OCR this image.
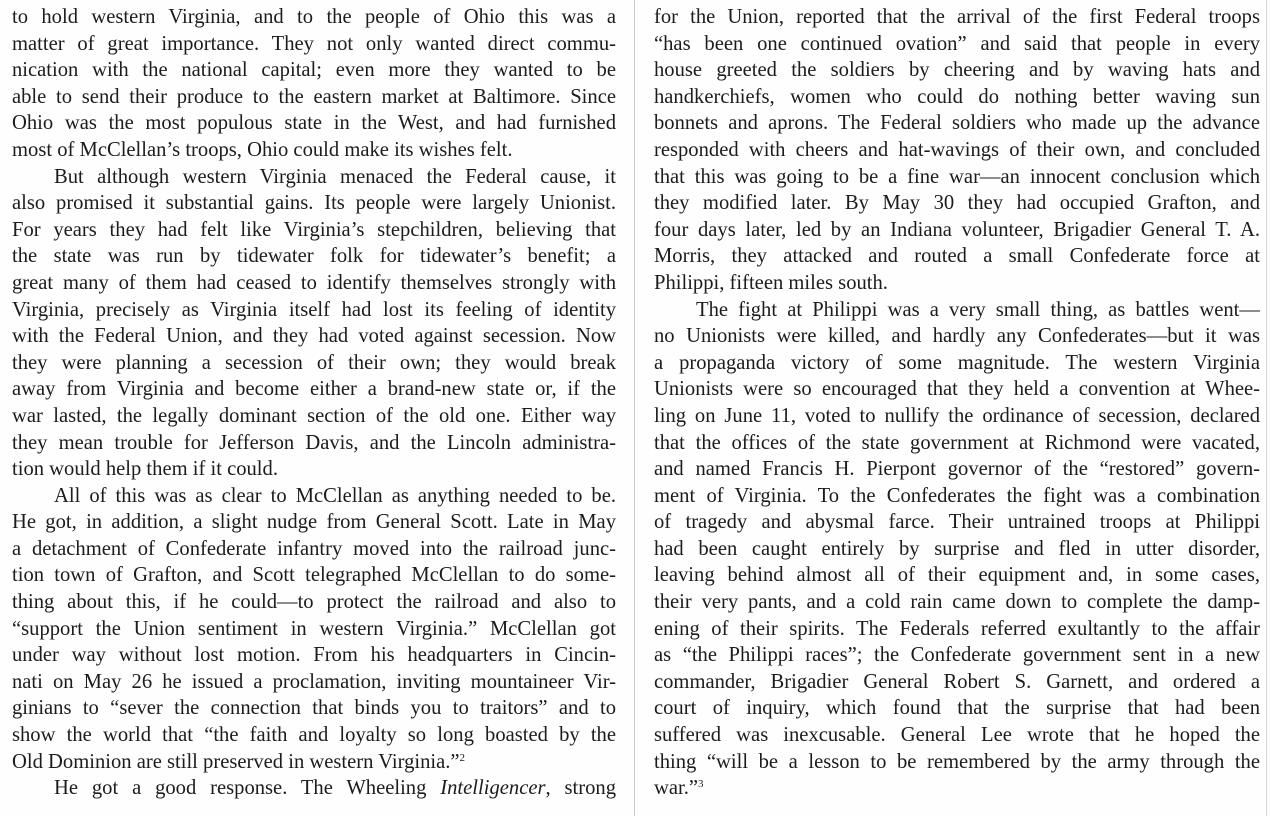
to hold western Virginia, and to the people of Ohio this was a
matter of great importance. They not only wanted direct commu-
nication with the national capital; even more they wanted to be
able to send their produce to the eastern market at Baltimore. Since
Ohio was the most populous state in the West, and had furnished
most of McClellan’s troops, Ohio could make its wishes felt.
But although western Virginia menaced the Federal cause, it
also promised it substantial gains. Its people were largely Unionist.
For years they had felt like Virginia’s stepchildren, believing that
the state was run by tidewater folk for tidewater’s benefit; a
great many of them had ceased to identify themselves strongly with
Virginia, precisely as Virginia itself had lost its feeling of identity
with the Federal Union, and they had voted against secession. Now
they were planning a secession of their own; they would break
away from Virginia and become either a brand-new state or, if the
war lasted, the legally dominant section of the old one. Either way
they mean trouble for Jefferson Davis, and the Lincoln administra-
tion would help them if it could.
All of this was as clear to McClellan as anything needed to be.
He got, in addition, a slight nudge from General Scott. Late in May
a detachment of Confederate infantry moved into the railroad junc-
tion town of Grafton, and Scott telegraphed McClellan to do some-
thing about this, if he could—to protect the railroad and also to
“support the Union sentiment in western Virginia.” McClellan got
under way without lost motion. From his headquarters in Cincin-
nati on May 26 he issued a proclamation, inviting mountaineer Vir-
ginians to “sever the connection that binds you to traitors” and to
show the world that “the faith and loyalty so long boasted by the
Old Dominion are still preserved in western Virginia.”$^2$
He got a good response. The Wheeling Intelligencer, strong
for the Union, reported that the arrival of the first Federal troops
“has been one continued ovation” and said that people in every
house greeted the soldiers by cheering and by waving hats and
handkerchiefs, women who could do nothing better waving sun
bonnets and aprons. The Federal soldiers who made up the advance
responded with cheers and hat-wavings of their own, and concluded
that this was going to be a fine war—an innocent conclusion which
they modified later. By May 30 they had occupied Grafton, and
four days later, led by an Indiana volunteer, Brigadier General T. A.
Morris, they attacked and routed a small Confederate force at
Philippi, fifteen miles south.
The fight at Philippi was a very small thing, as battles went—
no Unionists were killed, and hardly any Confederates—but it was
a propaganda victory of some magnitude. The western Virginia
Unionists were so encouraged that they held a convention at Whee-
ling on June 11, voted to nullify the ordinance of secession, declared
that the offices of the state government at Richmond were vacated,
and named Francis H. Pierpont governor of the “restored” govern-
ment of Virginia. To the Confederates the fight was a combination
of tragedy and abysmal farce. Their untrained troops at Philippi
had been caught entirely by surprise and fled in utter disorder,
leaving behind almost all of their equipment and, in some cases,
their very pants, and a cold rain came down to complete the damp-
ening of their spirits. The Federals referred exultantly to the affair
as “the Philippi races”; the Confederate government sent in a new
commander, Brigadier General Robert S. Garnett, and ordered a
court of inquiry, which found that the surprise that had been
suffered was inexcusable. General Lee wrote that he hoped the
thing “will be a lesson to be remembered by the army through the
war.”$^3$
